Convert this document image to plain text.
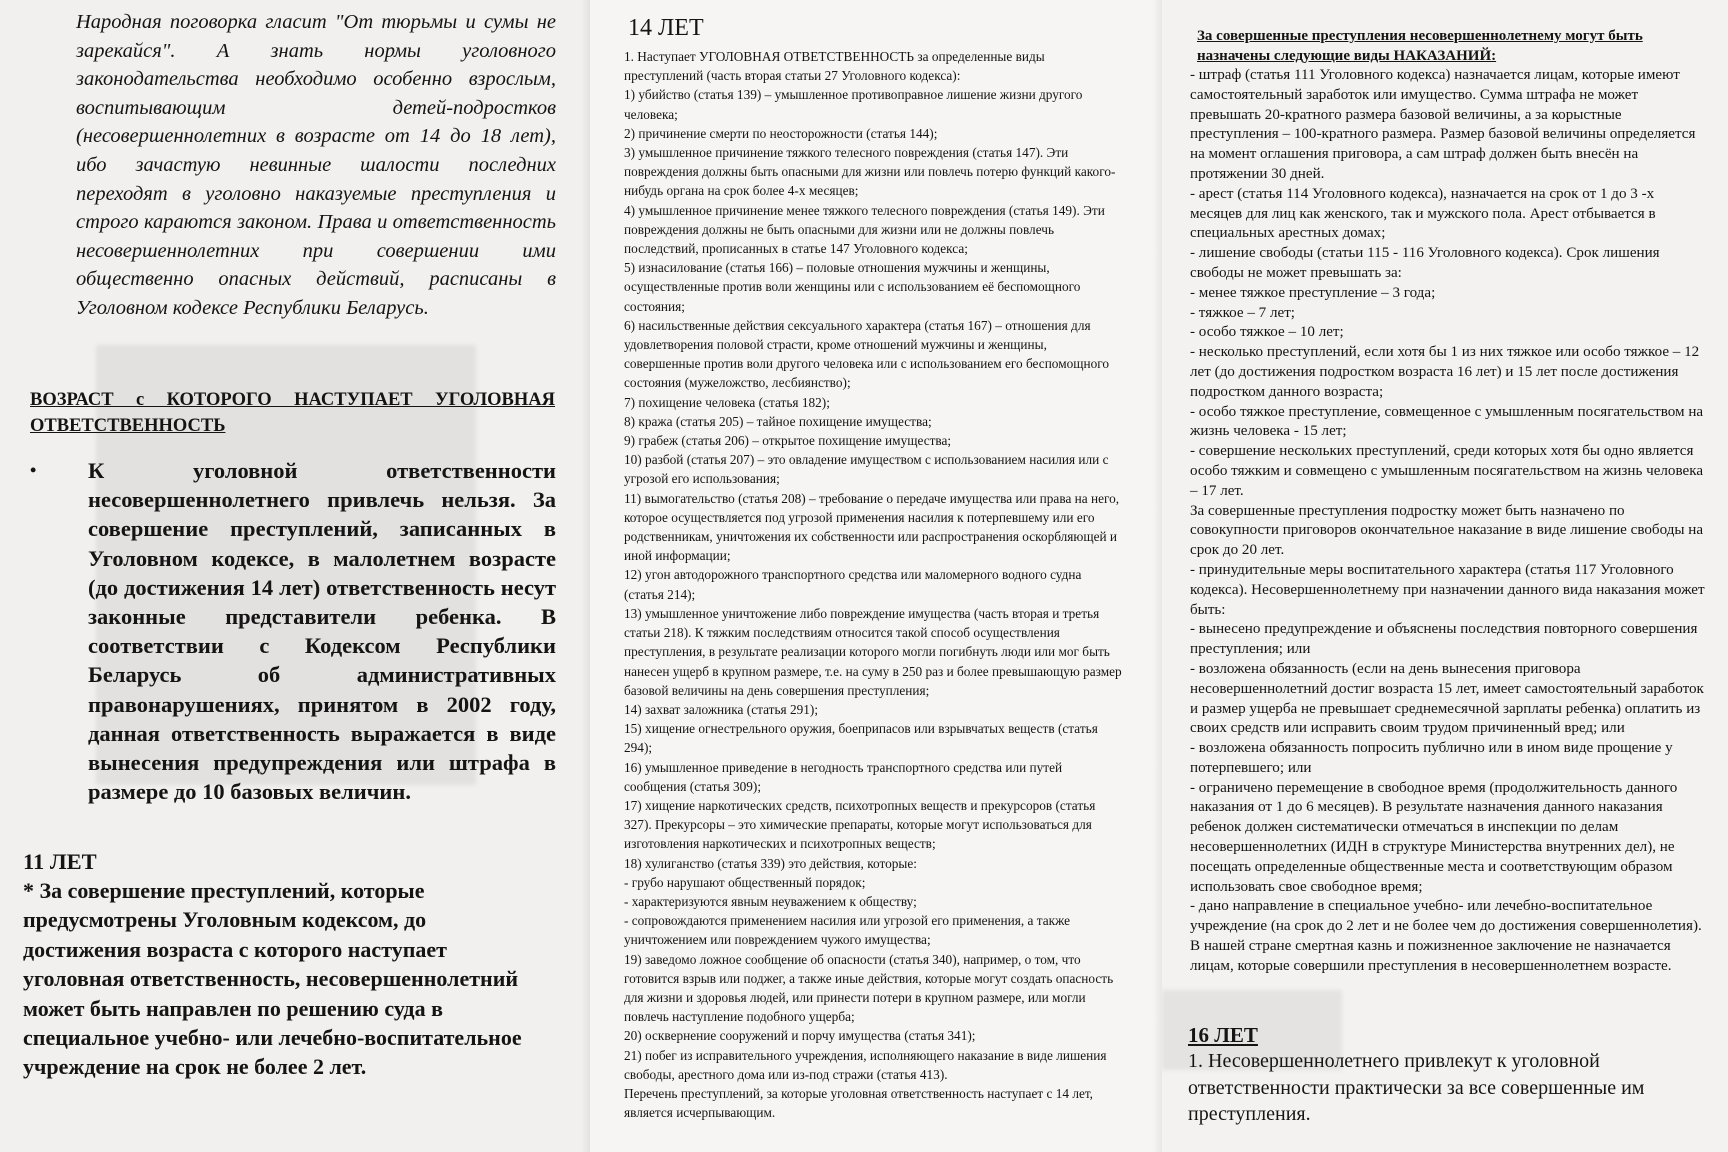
Народная поговорка гласит "От тюрьмы и сумы не зарекайся". А знать нормы уголовного законодательства необходимо особенно взрослым, воспитывающим детей-подростков (несовершеннолетних в возрасте от 14 до 18 лет), ибо зачастую невинные шалости последних переходят в уголовно наказуемые преступления и строго караются законом. Права и ответственность несовершеннолетних при совершении ими общественно опасных действий, расписаны в Уголовном кодексе Республики Беларусь.
ВОЗРАСТ с КОТОРОГО НАСТУПАЕТ УГОЛОВНАЯ ОТВЕТСТВЕННОСТЬ
• К уголовной ответственности несовершеннолетнего привлечь нельзя. За совершение преступлений, записанных в Уголовном кодексе, в малолетнем возрасте (до достижения 14 лет) ответственность несут законные представители ребенка. В соответствии с Кодексом Республики Беларусь об административных правонарушениях, принятом в 2002 году, данная ответственность выражается в виде вынесения предупреждения или штрафа в размере до 10 базовых величин.
11 ЛЕТ
* За совершение преступлений, которые предусмотрены Уголовным кодексом, до достижения возраста с которого наступает уголовная ответственность, несовершеннолетний может быть направлен по решению суда в специальное учебно- или лечебно-воспитательное учреждение на срок не более 2 лет.
14 ЛЕТ

1. Наступает УГОЛОВНАЯ ОТВЕТСТВЕННОСТЬ за определенные виды преступлений (часть вторая статьи 27 Уголовного кодекса):

1) убийство (статья 139) – умышленное противоправное лишение жизни другого человека;

2) причинение смерти по неосторожности (статья 144);

3) умышленное причинение тяжкого телесного повреждения (статья 147). Эти повреждения должны быть опасными для жизни или повлечь потерю функций какого-нибудь органа на срок более 4-х месяцев;

4) умышленное причинение менее тяжкого телесного повреждения (статья 149). Эти повреждения должны не быть опасными для жизни или не должны повлечь последствий, прописанных в статье 147 Уголовного кодекса;

5) изнасилование (статья 166) – половые отношения мужчины и женщины, осуществленные против воли женщины или с использованием её беспомощного состояния;

6) насильственные действия сексуального характера (статья 167) – отношения для удовлетворения половой страсти, кроме отношений мужчины и женщины, совершенные против воли другого человека или с использованием его беспомощного состояния (мужеложство, лесбиянство);

7) похищение человека (статья 182);

8) кража (статья 205) – тайное похищение имущества;

9) грабеж (статья 206) – открытое похищение имущества;

10) разбой (статья 207) – это овладение имуществом с использованием насилия или с угрозой его использования;

11) вымогательство (статья 208) – требование о передаче имущества или права на него, которое осуществляется под угрозой применения насилия к потерпевшему или его родственникам, уничтожения их собственности или распространения оскорбляющей и иной информации;

12) угон автодорожного транспортного средства или маломерного водного судна (статья 214);

13) умышленное уничтожение либо повреждение имущества (часть вторая и третья статьи 218). К тяжким последствиям относится такой способ осуществления преступления, в результате реализации которого могли погибнуть люди или мог быть нанесен ущерб в крупном размере, т.е. на суму в 250 раз и более превышающую размер базовой величины на день совершения преступления;

14) захват заложника (статья 291);

15) хищение огнестрельного оружия, боеприпасов или взрывчатых веществ (статья 294);

16) умышленное приведение в негодность транспортного средства или путей сообщения (статья 309);

17) хищение наркотических средств, психотропных веществ и прекурсоров (статья 327). Прекурсоры – это химические препараты, которые могут использоваться для изготовления наркотических и психотропных веществ;

18) хулиганство (статья 339) это действия, которые:

- грубо нарушают общественный порядок;

- характеризуются явным неуважением к обществу;

- сопровождаются применением насилия или угрозой его применения, а также уничтожением или повреждением чужого имущества;

19) заведомо ложное сообщение об опасности (статья 340), например, о том, что готовится взрыв или поджег, а также иные действия, которые могут создать опасность для жизни и здоровья людей, или принести потери в крупном размере, или могли повлечь наступление подобного ущерба;

20) осквернение сооружений и порчу имущества (статья 341);

21) побег из исправительного учреждения, исполняющего наказание в виде лишения свободы, арестного дома или из-под стражи (статья 413).

Перечень преступлений, за которые уголовная ответственность наступает с 14 лет, является исчерпывающим.

За совершенные преступления несовершеннолетнему могут быть назначены следующие виды НАКАЗАНИЙ:

- штраф (статья 111 Уголовного кодекса) назначается лицам, которые имеют самостоятельный заработок или имущество. Сумма штрафа не может превышать 20-кратного размера базовой величины, а за корыстные преступления – 100-кратного размера. Размер базовой величины определяется на момент оглашения приговора, а сам штраф должен быть внесён на протяжении 30 дней.

- арест (статья 114 Уголовного кодекса), назначается на срок от 1 до 3 -х месяцев для лиц как женского, так и мужского пола. Арест отбывается в специальных арестных домах;

- лишение свободы (статьи 115 - 116 Уголовного кодекса). Срок лишения свободы не может превышать за:

- менее тяжкое преступление – 3 года;

- тяжкое – 7 лет;

- особо тяжкое – 10 лет;

- несколько преступлений, если хотя бы 1 из них тяжкое или особо тяжкое – 12 лет (до достижения подростком возраста 16 лет) и 15 лет после достижения подростком данного возраста;

- особо тяжкое преступление, совмещенное с умышленным посягательством на жизнь человека - 15 лет;

- совершение нескольких преступлений, среди которых хотя бы одно является особо тяжким и совмещено с умышленным посягательством на жизнь человека – 17 лет.

За совершенные преступления подростку может быть назначено по совокупности приговоров окончательное наказание в виде лишение свободы на срок до 20 лет.

- принудительные меры воспитательного характера (статья 117 Уголовного кодекса). Несовершеннолетнему при назначении данного вида наказания может быть:

- вынесено предупреждение и объяснены последствия повторного совершения преступления; или

- возложена обязанность (если на день вынесения приговора несовершеннолетний достиг возраста 15 лет, имеет самостоятельный заработок и размер ущерба не превышает среднемесячной зарплаты ребенка) оплатить из своих средств или исправить своим трудом причиненный вред; или

- возложена обязанность попросить публично или в ином виде прощение у потерпевшего; или

- ограничено перемещение в свободное время (продолжительность данного наказания от 1 до 6 месяцев). В результате назначения данного наказания ребенок должен систематически отмечаться в инспекции по делам несовершеннолетних (ИДН в структуре Министерства внутренних дел), не посещать определенные общественные места и соответствующим образом использовать свое свободное время;

- дано направление в специальное учебно- или лечебно-воспитательное учреждение (на срок до 2 лет и не более чем до достижения совершеннолетия).

В нашей стране смертная казнь и пожизненное заключение не назначается лицам, которые совершили преступления в несовершеннолетнем возрасте.

16 ЛЕТ
1. Несовершеннолетнего привлекут к уголовной ответственности практически за все совершенные им преступления.
